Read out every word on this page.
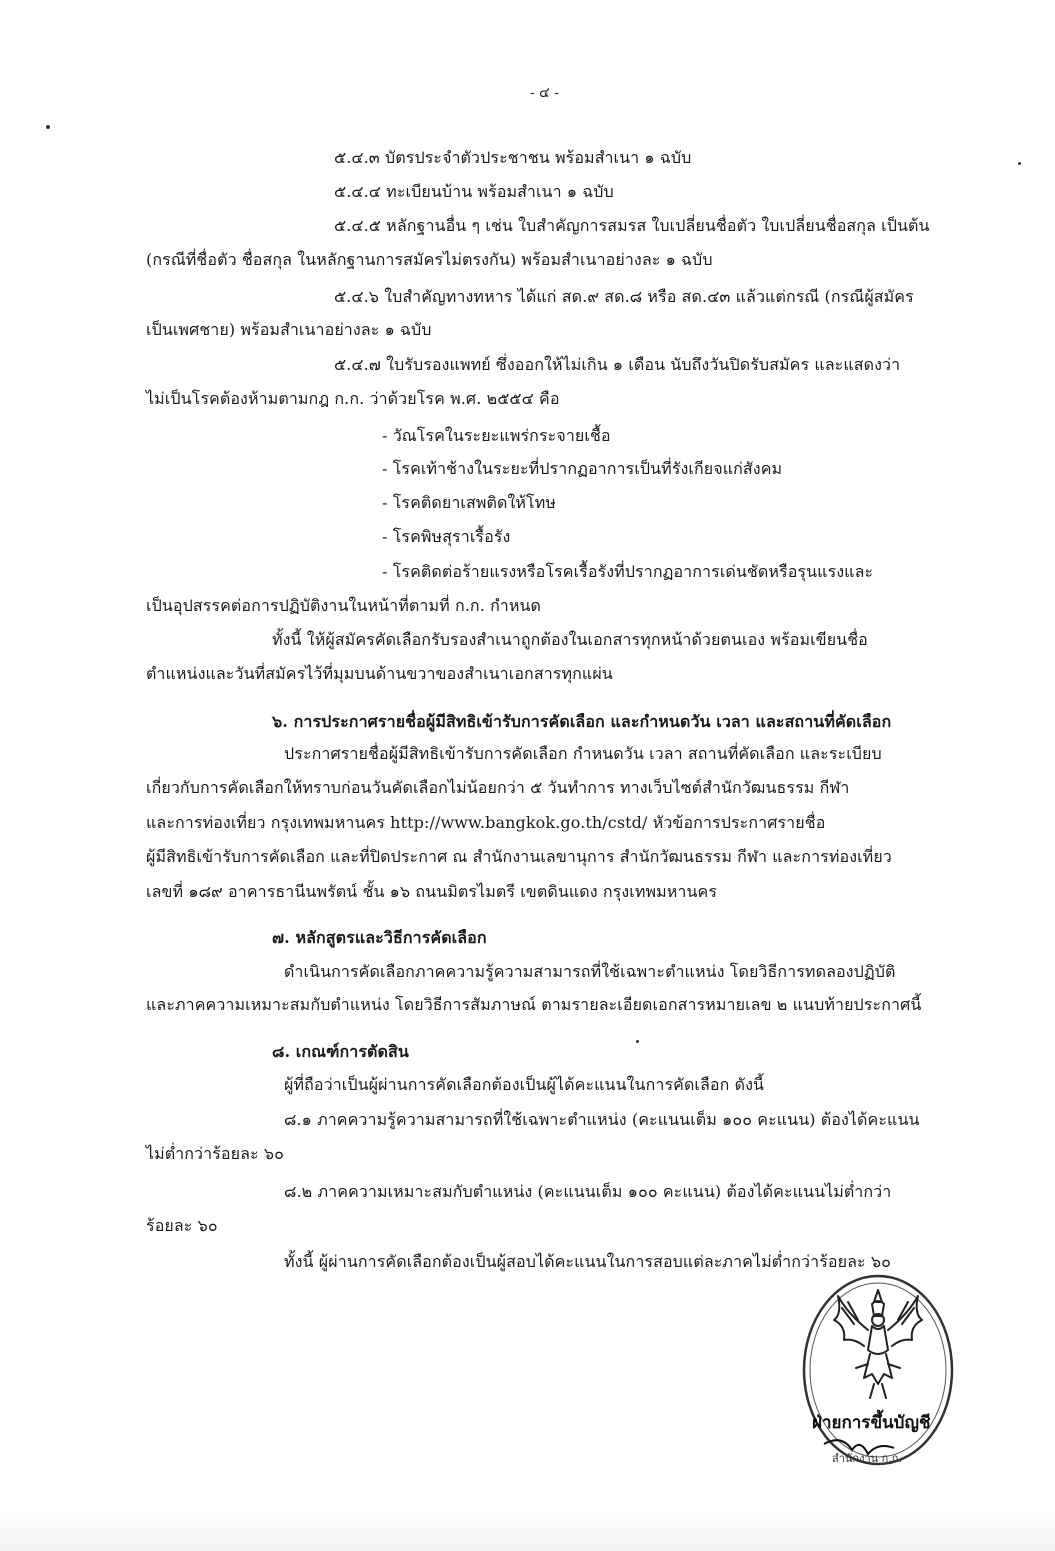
- ๔ -
๕.๔.๓ บัตรประจำตัวประชาชน พร้อมสำเนา ๑ ฉบับ
๕.๔.๔ ทะเบียนบ้าน พร้อมสำเนา ๑ ฉบับ
๕.๔.๕ หลักฐานอื่น ๆ เช่น ใบสำคัญการสมรส ใบเปลี่ยนชื่อตัว ใบเปลี่ยนชื่อสกุล เป็นต้น
(กรณีที่ชื่อตัว ชื่อสกุล ในหลักฐานการสมัครไม่ตรงกัน) พร้อมสำเนาอย่างละ ๑ ฉบับ
๕.๔.๖ ใบสำคัญทางทหาร ได้แก่ สด.๙ สด.๘ หรือ สด.๔๓ แล้วแต่กรณี (กรณีผู้สมัคร
เป็นเพศชาย) พร้อมสำเนาอย่างละ ๑ ฉบับ
๕.๔.๗ ใบรับรองแพทย์ ซึ่งออกให้ไม่เกิน ๑ เดือน นับถึงวันปิดรับสมัคร และแสดงว่า
ไม่เป็นโรคต้องห้ามตามกฎ ก.ก. ว่าด้วยโรค พ.ศ. ๒๕๕๔ คือ
- วัณโรคในระยะแพร่กระจายเชื้อ
- โรคเท้าช้างในระยะที่ปรากฏอาการเป็นที่รังเกียจแก่สังคม
- โรคติดยาเสพติดให้โทษ
- โรคพิษสุราเรื้อรัง
- โรคติดต่อร้ายแรงหรือโรคเรื้อรังที่ปรากฏอาการเด่นชัดหรือรุนแรงและ
เป็นอุปสรรคต่อการปฏิบัติงานในหน้าที่ตามที่ ก.ก. กำหนด
ทั้งนี้ ให้ผู้สมัครคัดเลือกรับรองสำเนาถูกต้องในเอกสารทุกหน้าด้วยตนเอง พร้อมเขียนชื่อ
ตำแหน่งและวันที่สมัครไว้ที่มุมบนด้านขวาของสำเนาเอกสารทุกแผ่น
๖. การประกาศรายชื่อผู้มีสิทธิเข้ารับการคัดเลือก และกำหนดวัน เวลา และสถานที่คัดเลือก
ประกาศรายชื่อผู้มีสิทธิเข้ารับการคัดเลือก กำหนดวัน เวลา สถานที่คัดเลือก และระเบียบ
เกี่ยวกับการคัดเลือกให้ทราบก่อนวันคัดเลือกไม่น้อยกว่า ๕ วันทำการ ทางเว็บไซต์สำนักวัฒนธรรม กีฬา
และการท่องเที่ยว กรุงเทพมหานคร http://www.bangkok.go.th/cstd/ หัวข้อการประกาศรายชื่อ
ผู้มีสิทธิเข้ารับการคัดเลือก และที่ปิดประกาศ ณ สำนักงานเลขานุการ สำนักวัฒนธรรม กีฬา และการท่องเที่ยว
เลขที่ ๑๘๙ อาคารธานีนพรัตน์ ชั้น ๑๖ ถนนมิตรไมตรี เขตดินแดง กรุงเทพมหานคร
๗. หลักสูตรและวิธีการคัดเลือก
ดำเนินการคัดเลือกภาคความรู้ความสามารถที่ใช้เฉพาะตำแหน่ง โดยวิธีการทดลองปฏิบัติ
และภาคความเหมาะสมกับตำแหน่ง โดยวิธีการสัมภาษณ์ ตามรายละเอียดเอกสารหมายเลข ๒ แนบท้ายประกาศนี้
๘. เกณฑ์การตัดสิน
ผู้ที่ถือว่าเป็นผู้ผ่านการคัดเลือกต้องเป็นผู้ได้คะแนนในการคัดเลือก ดังนี้
๘.๑ ภาคความรู้ความสามารถที่ใช้เฉพาะตำแหน่ง (คะแนนเต็ม ๑๐๐ คะแนน) ต้องได้คะแนน
ไม่ต่ำกว่าร้อยละ ๖๐
๘.๒ ภาคความเหมาะสมกับตำแหน่ง (คะแนนเต็ม ๑๐๐ คะแนน) ต้องได้คะแนนไม่ต่ำกว่า
ร้อยละ ๖๐
ทั้งนี้ ผู้ผ่านการคัดเลือกต้องเป็นผู้สอบได้คะแนนในการสอบแต่ละภาคไม่ต่ำกว่าร้อยละ ๖๐
ฝ่ายการขึ้นบัญชี
สำนักงาน ก.ก.
